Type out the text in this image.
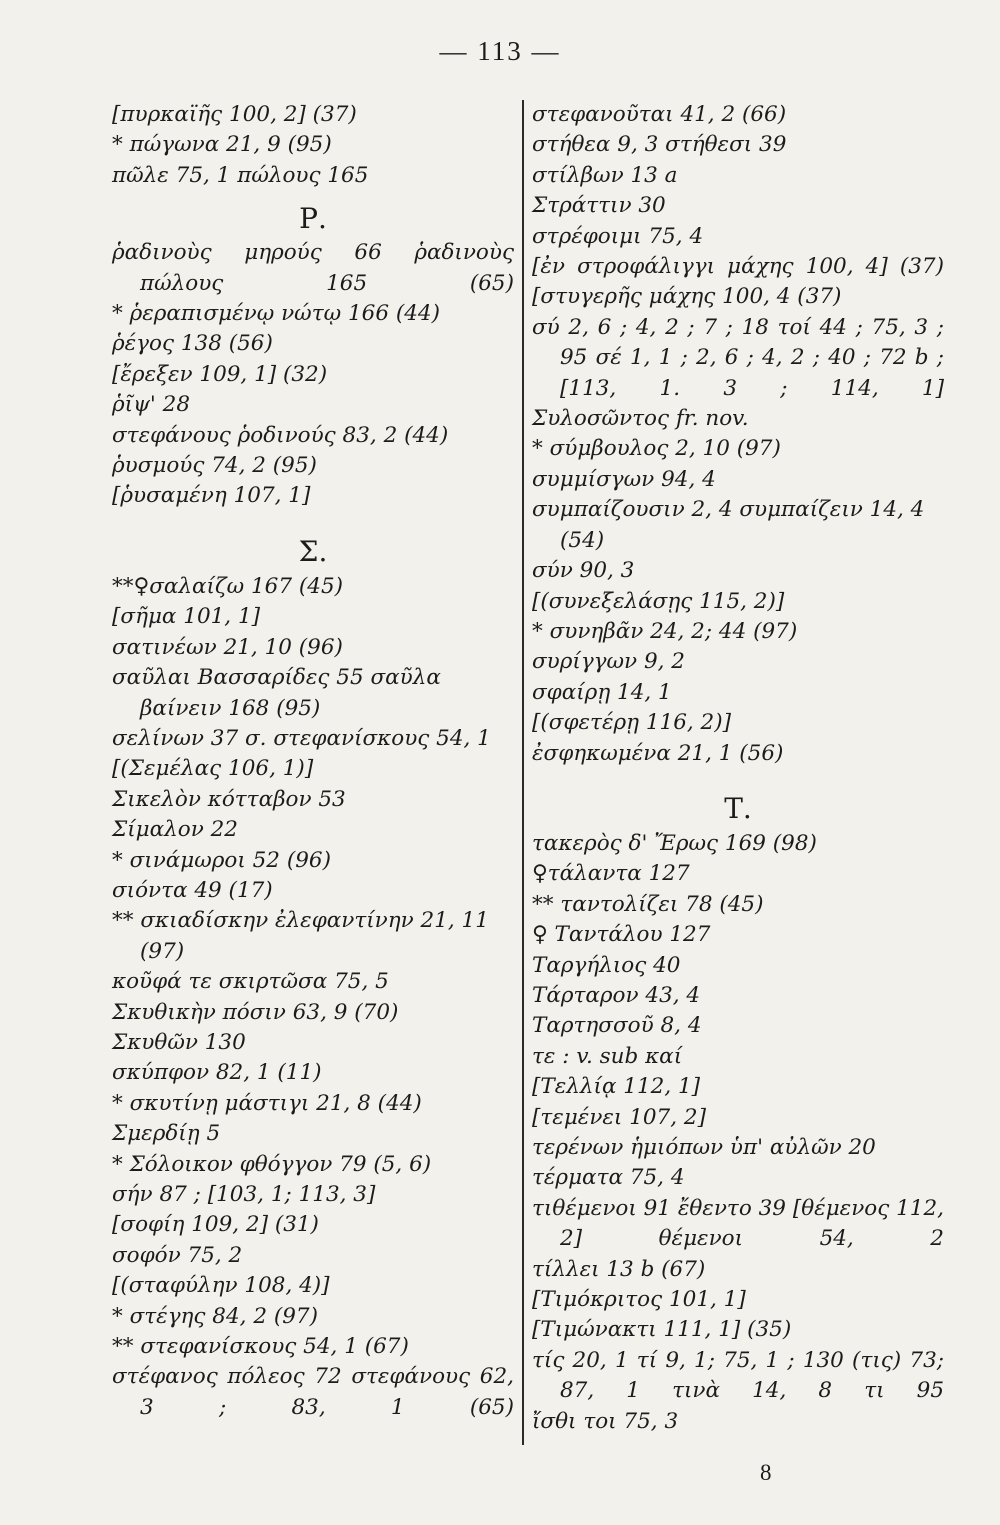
— 113 —

[πυρκαϊῆς 100, 2] (37)

* πώγωνα 21, 9 (95)

πῶλε 75, 1 πώλους 165

Ρ.

ῥαδινοὺς μηρούς 66 ῥαδινοὺς πώλους 165 (65)

* ῥεραπισμένῳ νώτῳ 166 (44)

ῥέγος 138 (56)

[ἔρεξεν 109, 1] (32)

ῥῖψ' 28

στεφάνους ῥοδινούς 83, 2 (44)

ῥυσμούς 74, 2 (95)

[ῥυσαμένη 107, 1]

Σ.

**♀σαλαίζω 167 (45)

[σῆμα 101, 1]

σατινέων 21, 10 (96)

σαῦλαι Βασσαρίδες 55 σαῦλα βαίνειν 168 (95)

σελίνων 37 σ. στεφανίσκους 54, 1

[(Σεμέλας 106, 1)]

Σικελὸν κότταβον 53

Σίμαλον 22

* σινάμωροι 52 (96)

σιόντα 49 (17)

** σκιαδίσκην ἐλεφαντίνην 21, 11 (97)

κοῦφά τε σκιρτῶσα 75, 5

Σκυθικὴν πόσιν 63, 9 (70)

Σκυθῶν 130

σκύπφον 82, 1 (11)

* σκυτίνῃ μάστιγι 21, 8 (44)

Σμερδίῃ 5

* Σόλοικον φθόγγον 79 (5, 6)

σήν 87 ; [103, 1; 113, 3]

[σοφίη 109, 2] (31)

σοφόν 75, 2

[(σταφύλην 108, 4)]

* στέγης 84, 2 (97)

** στεφανίσκους 54, 1 (67)

στέφανος πόλεος 72 στεφάνους 62, 3 ; 83, 1 (65)

στεφανοῦται 41, 2 (66)

στήθεα 9, 3 στήθεσι 39

στίλβων 13 a

Στράττιν 30

στρέφοιμι 75, 4

[ἐν στροφάλιγγι μάχης 100, 4] (37)

[στυγερῆς μάχης 100, 4 (37)

σύ 2, 6 ; 4, 2 ; 7 ; 18 τοί 44 ; 75, 3 ; 95 σέ 1, 1 ; 2, 6 ; 4, 2 ; 40 ; 72 b ; [113, 1. 3 ; 114, 1]

Συλοσῶντος fr. nov.

* σύμβουλος 2, 10 (97)

συμμίσγων 94, 4

συμπαίζουσιν 2, 4 συμπαίζειν 14, 4 (54)

σύν 90, 3

[(συνεξελάσῃς 115, 2)]

* συνηβᾶν 24, 2; 44 (97)

συρίγγων 9, 2

σφαίρῃ 14, 1

[(σφετέρῃ 116, 2)]

ἐσφηκωμένα 21, 1 (56)

Τ.

τακερὸς δ' Ἔρως 169 (98)

♀τάλαντα 127

** ταντολίζει 78 (45)

♀ Ταντάλου 127

Ταργήλιος 40

Τάρταρον 43, 4

Ταρτησσοῦ 8, 4

τε : v. sub καί

[Τελλίᾳ 112, 1]

[τεμένει 107, 2]

τερένων ἡμιόπων ὑπ' αὐλῶν 20

τέρματα 75, 4

τιθέμενοι 91 ἔθεντο 39 [θέμενος 112, 2] θέμενοι 54, 2

τίλλει 13 b (67)

[Τιμόκριτος 101, 1]

[Τιμώνακτι 111, 1] (35)

τίς 20, 1 τί 9, 1; 75, 1 ; 130 (τις) 73; 87, 1 τινὰ 14, 8 τι 95

ἴσθι τοι 75, 3

8
